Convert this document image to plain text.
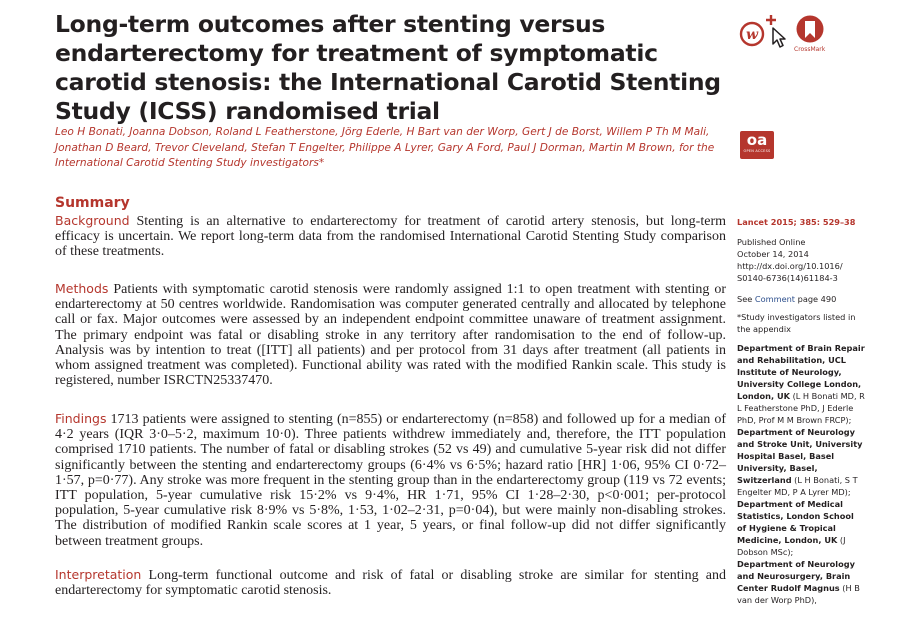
Long-term outcomes after stenting versus endarterectomy for treatment of symptomatic carotid stenosis: the International Carotid Stenting Study (ICSS) randomised trial
w

CrossMark

oa
OPEN ACCESS

Leo H Bonati, Joanna Dobson, Roland L Featherstone, Jörg Ederle, H Bart van der Worp, Gert J de Borst, Willem P Th M Mali, Jonathan D Beard, Trevor Cleveland, Stefan T Engelter, Philippe A Lyrer, Gary A Ford, Paul J Dorman, Martin M Brown, for the International Carotid Stenting Study investigators*

Summary

Background Stenting is an alternative to endarterectomy for treatment of carotid artery stenosis, but long-term efficacy is uncertain. We report long-term data from the randomised International Carotid Stenting Study comparison of these treatments.

Methods Patients with symptomatic carotid stenosis were randomly assigned 1:1 to open treatment with stenting or endarterectomy at 50 centres worldwide. Randomisation was computer generated centrally and allocated by telephone call or fax. Major outcomes were assessed by an independent endpoint committee unaware of treatment assignment. The primary endpoint was fatal or disabling stroke in any territory after randomisation to the end of follow-up. Analysis was by intention to treat ([ITT] all patients) and per protocol from 31 days after treatment (all patients in whom assigned treatment was completed). Functional ability was rated with the modified Rankin scale. This study is registered, number ISRCTN25337470.

Findings 1713 patients were assigned to stenting (n=855) or endarterectomy (n=858) and followed up for a median of 4·2 years (IQR 3·0–5·2, maximum 10·0). Three patients withdrew immediately and, therefore, the ITT population comprised 1710 patients. The number of fatal or disabling strokes (52 vs 49) and cumulative 5-year risk did not differ significantly between the stenting and endarterectomy groups (6·4% vs 6·5%; hazard ratio [HR] 1·06, 95% CI 0·72–1·57, p=0·77). Any stroke was more frequent in the stenting group than in the endarterectomy group (119 vs 72 events; ITT population, 5-year cumulative risk 15·2% vs 9·4%, HR 1·71, 95% CI 1·28–2·30, p<0·001; per-protocol population, 5-year cumulative risk 8·9% vs 5·8%, 1·53, 1·02–2·31, p=0·04), but were mainly non-disabling strokes. The distribution of modified Rankin scale scores at 1 year, 5 years, or final follow-up did not differ significantly between treatment groups.

Interpretation Long-term functional outcome and risk of fatal or disabling stroke are similar for stenting and endarterectomy for symptomatic carotid stenosis.

Lancet 2015; 385: 529–38

Published Online
October 14, 2014
http://dx.doi.org/10.1016/
S0140-6736(14)61184-3

See Comment page 490

*Study investigators listed in the appendix

Department of Brain Repair and Rehabilitation, UCL Institute of Neurology, University College London, London, UK (L H Bonati MD, R L Featherstone PhD, J Ederle PhD, Prof M M Brown FRCP);
Department of Neurology and Stroke Unit, University Hospital Basel, Basel University, Basel, Switzerland (L H Bonati, S T Engelter MD, P A Lyrer MD);
Department of Medical Statistics, London School of Hygiene & Tropical Medicine, London, UK (J Dobson MSc);
Department of Neurology and Neurosurgery, Brain Center Rudolf Magnus (H B van der Worp PhD),
